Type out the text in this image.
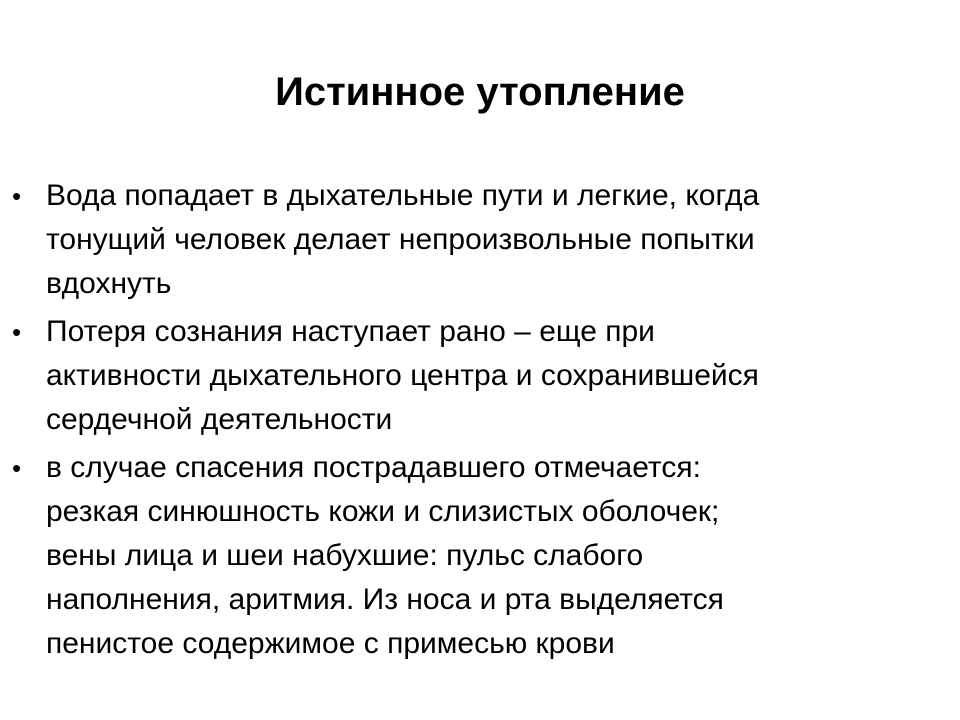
Истинное утопление
• Вода попадает в дыхательные пути и легкие, когда
тонущий человек делает непроизвольные попытки
вдохнуть
• Потеря сознания наступает рано – еще при
активности дыхательного центра и сохранившейся
сердечной деятельности
• в случае спасения пострадавшего отмечается:
резкая синюшность кожи и слизистых оболочек;
вены лица и шеи набухшие: пульс слабого
наполнения, аритмия. Из носа и рта выделяется
пенистое содержимое с примесью крови
